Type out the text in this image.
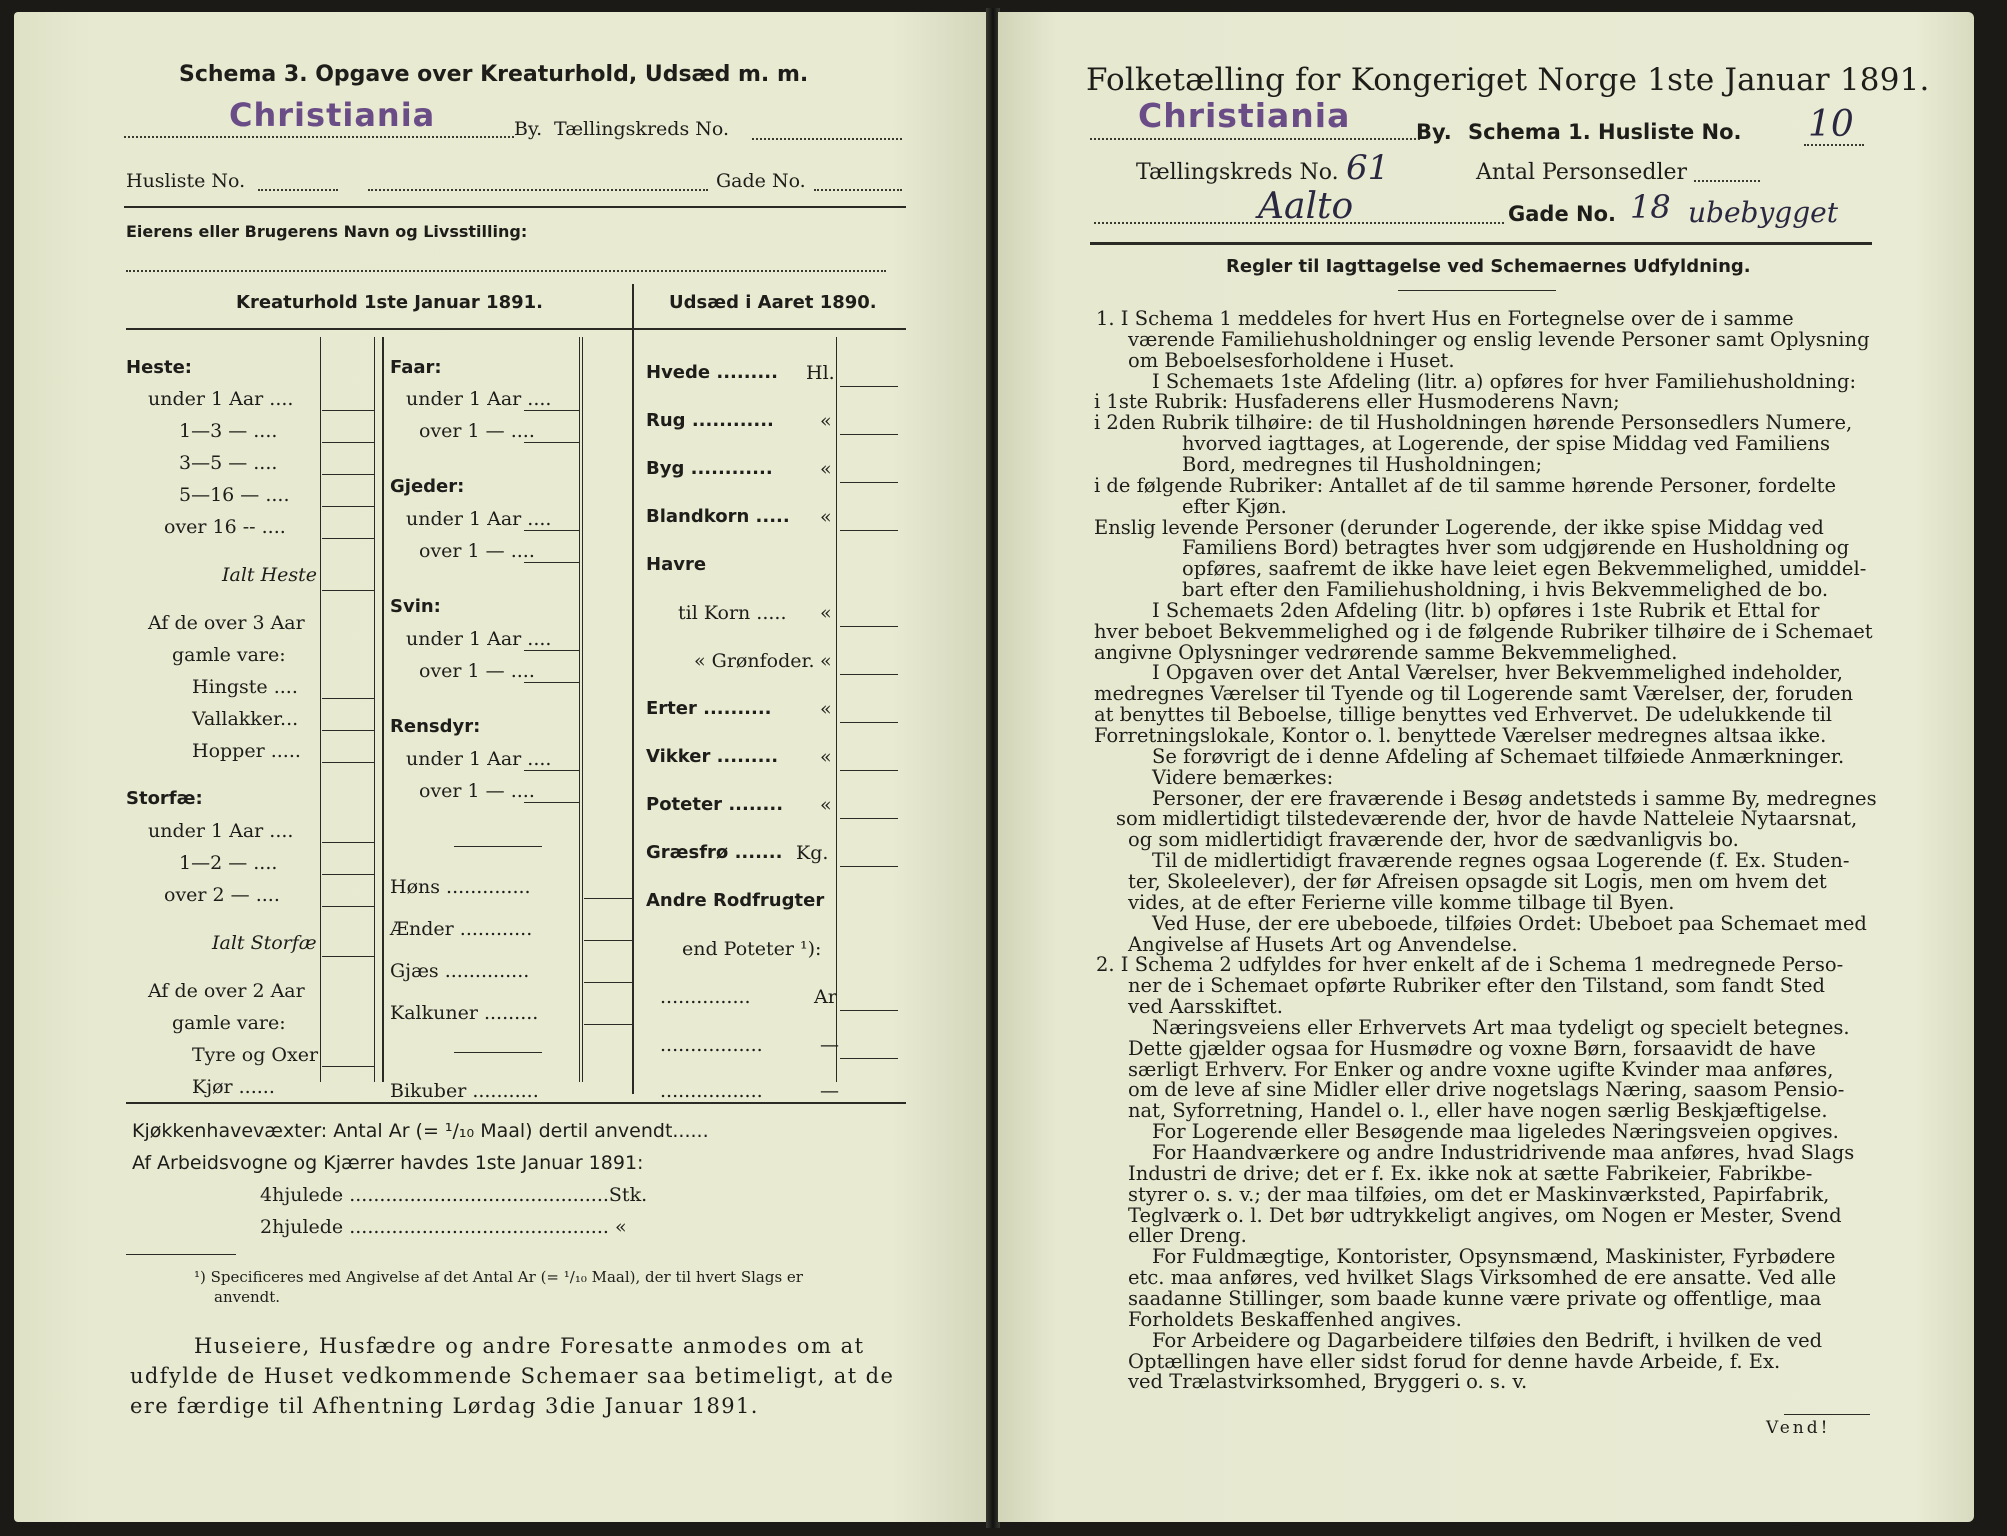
Schema 3. Opgave over Kreaturhold, Udsæd m. m.
Christiania	By. Tællingskreds No.
Husliste No.	Gade No.
Eierens eller Brugerens Navn og Livsstilling:
Kreaturhold 1ste Januar 1891.	Udsæd i Aaret 1890.
Heste:
under 1 Aar ....
1—3 — ....
3—5 — ....
5—16 — ....
over 16 -- ....
Ialt Heste
Af de over 3 Aar
gamle vare:
Hingste ....
Vallakker...
Hopper .....
Storfæ:
under 1 Aar ....
1—2 — ....
over 2 — ....
Ialt Storfæ
Af de over 2 Aar
gamle vare:
Tyre og Oxer
Kjør ......
Faar:
under 1 Aar ....
over 1 — ....
Gjeder:
under 1 Aar ....
over 1 — ....
Svin:
under 1 Aar ....
over 1 — ....
Rensdyr:
under 1 Aar ....
over 1 — ....
Høns ..............
Ænder ............
Gjæs ..............
Kalkuner .........
Bikuber ...........
Hvede ......... Hl.
Rug ............ «
Byg ............ «
Blandkorn ..... «
Havre
til Korn ..... «
« Grønfoder. «
Erter ..........	«
Vikker ......... «
Poteter ........ «
Græsfrø ....... Kg.
Andre Rodfrugter
end Poteter ¹):
...............	Ar
.................	—
.................	—
Kjøkkenhavevæxter: Antal Ar (= ¹/₁₀ Maal) dertil anvendt......
Af Arbeidsvogne og Kjærrer havdes 1ste Januar 1891:
4hjulede ...........................................Stk.
2hjulede ........................................... «
¹) Specificeres med Angivelse af det Antal Ar (= ¹/₁₀ Maal), der til hvert Slags er
anvendt.
Huseiere, Husfædre og andre Foresatte anmodes om at
udfylde de Huset vedkommende Schemaer saa betimeligt, at de
ere færdige til Afhentning Lørdag 3die Januar 1891.
Folketælling for Kongeriget Norge 1ste Januar 1891.
Christiania	By. Schema 1. Husliste No. 10
Tællingskreds No. 61	Antal Personsedler
Aalto	Gade No. 18 ubebygget
Regler til Iagttagelse ved Schemaernes Udfyldning.
1. I Schema 1 meddeles for hvert Hus en Fortegnelse over de i samme
værende Familiehusholdninger og enslig levende Personer samt Oplysning
om Beboelsesforholdene i Huset.
I Schemaets 1ste Afdeling (litr. a) opføres for hver Familiehusholdning:
i 1ste Rubrik: Husfaderens eller Husmoderens Navn;
i 2den Rubrik tilhøire: de til Husholdningen hørende Personsedlers Numere,
hvorved iagttages, at Logerende, der spise Middag ved Familiens
Bord, medregnes til Husholdningen;
i de følgende Rubriker: Antallet af de til samme hørende Personer, fordelte
efter Kjøn.
Enslig levende Personer (derunder Logerende, der ikke spise Middag ved
Familiens Bord) betragtes hver som udgjørende en Husholdning og
opføres, saafremt de ikke have leiet egen Bekvemmelighed, umiddel-
bart efter den Familiehusholdning, i hvis Bekvemmelighed de bo.
I Schemaets 2den Afdeling (litr. b) opføres i 1ste Rubrik et Ettal for
hver beboet Bekvemmelighed og i de følgende Rubriker tilhøire de i Schemaet
angivne Oplysninger vedrørende samme Bekvemmelighed.
I Opgaven over det Antal Værelser, hver Bekvemmelighed indeholder,
medregnes Værelser til Tyende og til Logerende samt Værelser, der, foruden
at benyttes til Beboelse, tillige benyttes ved Erhvervet. De udelukkende til
Forretningslokale, Kontor o. l. benyttede Værelser medregnes altsaa ikke.
Se forøvrigt de i denne Afdeling af Schemaet tilføiede Anmærkninger.
Videre bemærkes:
Personer, der ere fraværende i Besøg andetsteds i samme By, medregnes
som midlertidigt tilstedeværende der, hvor de havde Natteleie Nytaarsnat,
og som midlertidigt fraværende der, hvor de sædvanligvis bo.
Til de midlertidigt fraværende regnes ogsaa Logerende (f. Ex. Studen-
ter, Skoleelever), der før Afreisen opsagde sit Logis, men om hvem det
vides, at de efter Ferierne ville komme tilbage til Byen.
Ved Huse, der ere ubeboede, tilføies Ordet: Ubeboet paa Schemaet med
Angivelse af Husets Art og Anvendelse.
2. I Schema 2 udfyldes for hver enkelt af de i Schema 1 medregnede Perso-
ner de i Schemaet opførte Rubriker efter den Tilstand, som fandt Sted
ved Aarsskiftet.
Næringsveiens eller Erhvervets Art maa tydeligt og specielt betegnes.
Dette gjælder ogsaa for Husmødre og voxne Børn, forsaavidt de have
særligt Erhverv. For Enker og andre voxne ugifte Kvinder maa anføres,
om de leve af sine Midler eller drive nogetslags Næring, saasom Pensio-
nat, Syforretning, Handel o. l., eller have nogen særlig Beskjæftigelse.
For Logerende eller Besøgende maa ligeledes Næringsveien opgives.
For Haandværkere og andre Industridrivende maa anføres, hvad Slags
Industri de drive; det er f. Ex. ikke nok at sætte Fabrikeier, Fabrikbe-
styrer o. s. v.; der maa tilføies, om det er Maskinværksted, Papirfabrik,
Teglværk o. l. Det bør udtrykkeligt angives, om Nogen er Mester, Svend
eller Dreng.
For Fuldmægtige, Kontorister, Opsynsmænd, Maskinister, Fyrbødere
etc. maa anføres, ved hvilket Slags Virksomhed de ere ansatte. Ved alle
saadanne Stillinger, som baade kunne være private og offentlige, maa
Forholdets Beskaffenhed angives.
For Arbeidere og Dagarbeidere tilføies den Bedrift, i hvilken de ved
Optællingen have eller sidst forud for denne havde Arbeide, f. Ex.
ved Trælastvirksomhed, Bryggeri o. s. v.
Vend!
